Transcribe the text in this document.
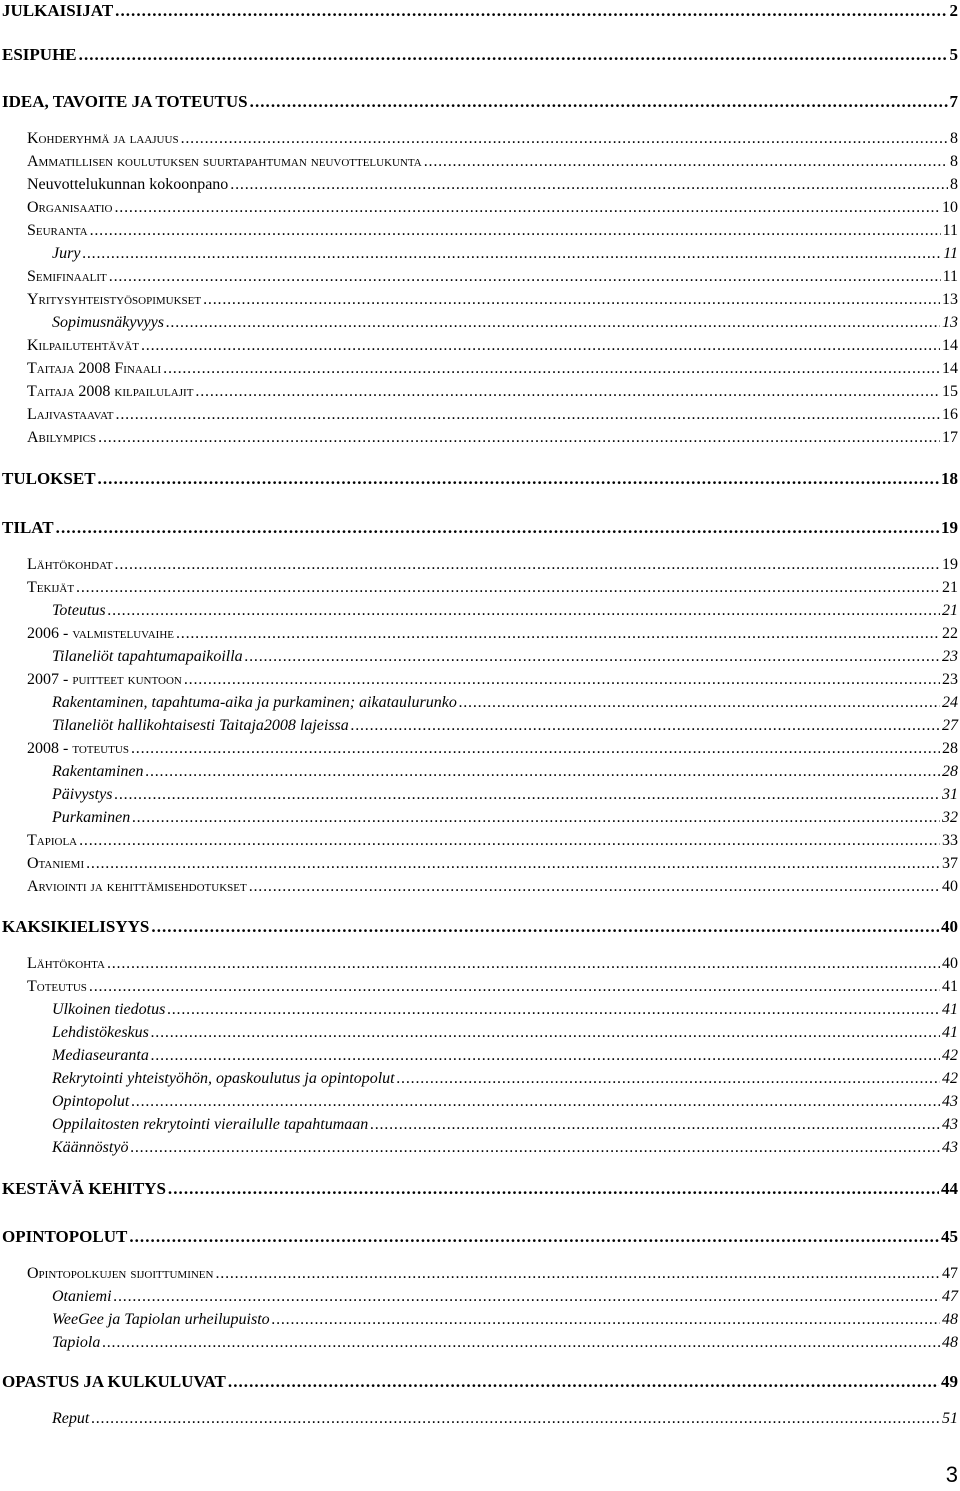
JULKAISIJAT . . .	2
ESIPUHE . . .	5
IDEA, TAVOITE JA TOTEUTUS . . .	7
Kohderyhmä ja laajuus . . .	8
Ammatillisen koulutuksen suurtapahtuman neuvottelukunta . . .	8
Neuvottelukunnan kokoonpano . . .	8
Organisaatio . . .	10
Seuranta . . .	11
Jury . . .	11
Semifinaalit . . .	11
Yritysyhteistyösopimukset . . .	13
Sopimusnäkyvyys . . .	13
Kilpailutehtävät . . .	14
Taitaja 2008 Finaali . . .	14
Taitaja 2008 kilpailulajit . . .	15
Lajivastaavat . . .	16
Abilympics . . .	17
TULOKSET . . .	18
TILAT . . .	19
Lähtökohdat . . .	19
Tekijät . . .	21
Toteutus . . .	21
2006 - valmisteluvaihe . . .	22
Tilaneliöt tapahtumapaikoilla . . .	23
2007 - puitteet kuntoon . . .	23
Rakentaminen, tapahtuma-aika ja purkaminen; aikataulurunko . . .	24
Tilaneliöt hallikohtaisesti Taitaja2008 lajeissa . . .	27
2008 - toteutus . . .	28
Rakentaminen . . .	28
Päivystys . . .	31
Purkaminen . . .	32
Tapiola . . .	33
Otaniemi . . .	37
Arviointi ja kehittämisehdotukset . . .	40
KAKSIKIELISYYS . . .	40
Lähtökohta . . .	40
Toteutus . . .	41
Ulkoinen tiedotus . . .	41
Lehdistökeskus . . .	41
Mediaseuranta . . .	42
Rekrytointi yhteistyöhön, opaskoulutus ja opintopolut . . .	42
Opintopolut . . .	43
Oppilaitosten rekrytointi vierailulle tapahtumaan . . .	43
Käännöstyö . . .	43
KESTÄVÄ KEHITYS . . .	44
OPINTOPOLUT . . .	45
Opintopolkujen sijoittuminen . . .	47
Otaniemi . . .	47
WeeGee ja Tapiolan urheilupuisto . . .	48
Tapiola . . .	48
OPASTUS JA KULKULUVAT . . .	49
Reput . . .	51
3
